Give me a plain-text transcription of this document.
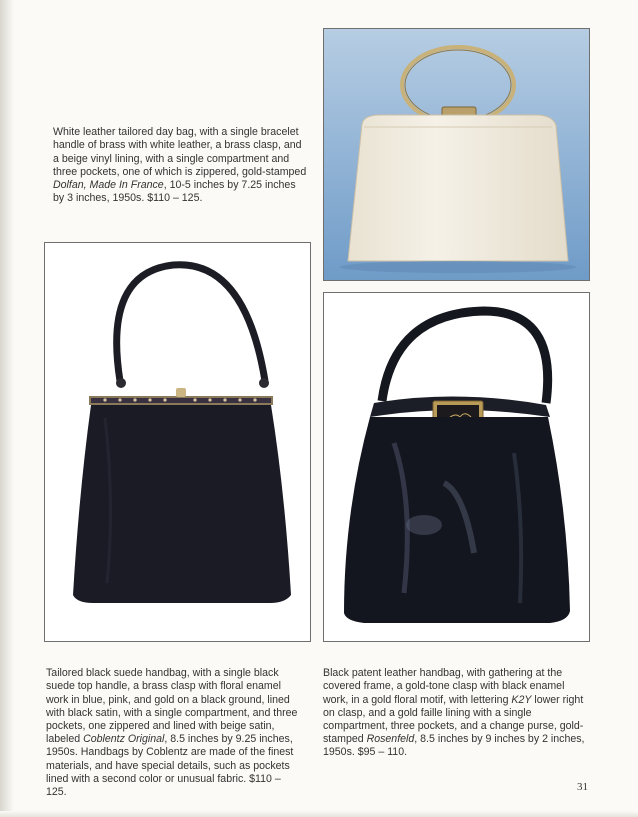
White leather tailored day bag, with a single bracelet handle of brass with white leather, a brass clasp, and a beige vinyl lining, with a single compartment and three pockets, one of which is zippered, gold-stamped Dolfan, Made In France, 10-5 inches by 7.25 inches by 3 inches, 1950s. $110 – 125.

Tailored black suede handbag, with a single black suede top handle, a brass clasp with floral enamel work in blue, pink, and gold on a black ground, lined with black satin, with a single compartment, and three pockets, one zippered and lined with beige satin, labeled Coblentz Original, 8.5 inches by 9.25 inches, 1950s. Handbags by Coblentz are made of the finest materials, and have special details, such as pockets lined with a second color or unusual fabric. $110 – 125.

Black patent leather handbag, with gathering at the covered frame, a gold-tone clasp with black enamel work, in a gold floral motif, with lettering K2Y lower right on clasp, and a gold faille lining with a single compartment, three pockets, and a change purse, gold-stamped Rosenfeld, 8.5 inches by 9 inches by 2 inches, 1950s. $95 – 110.

31
